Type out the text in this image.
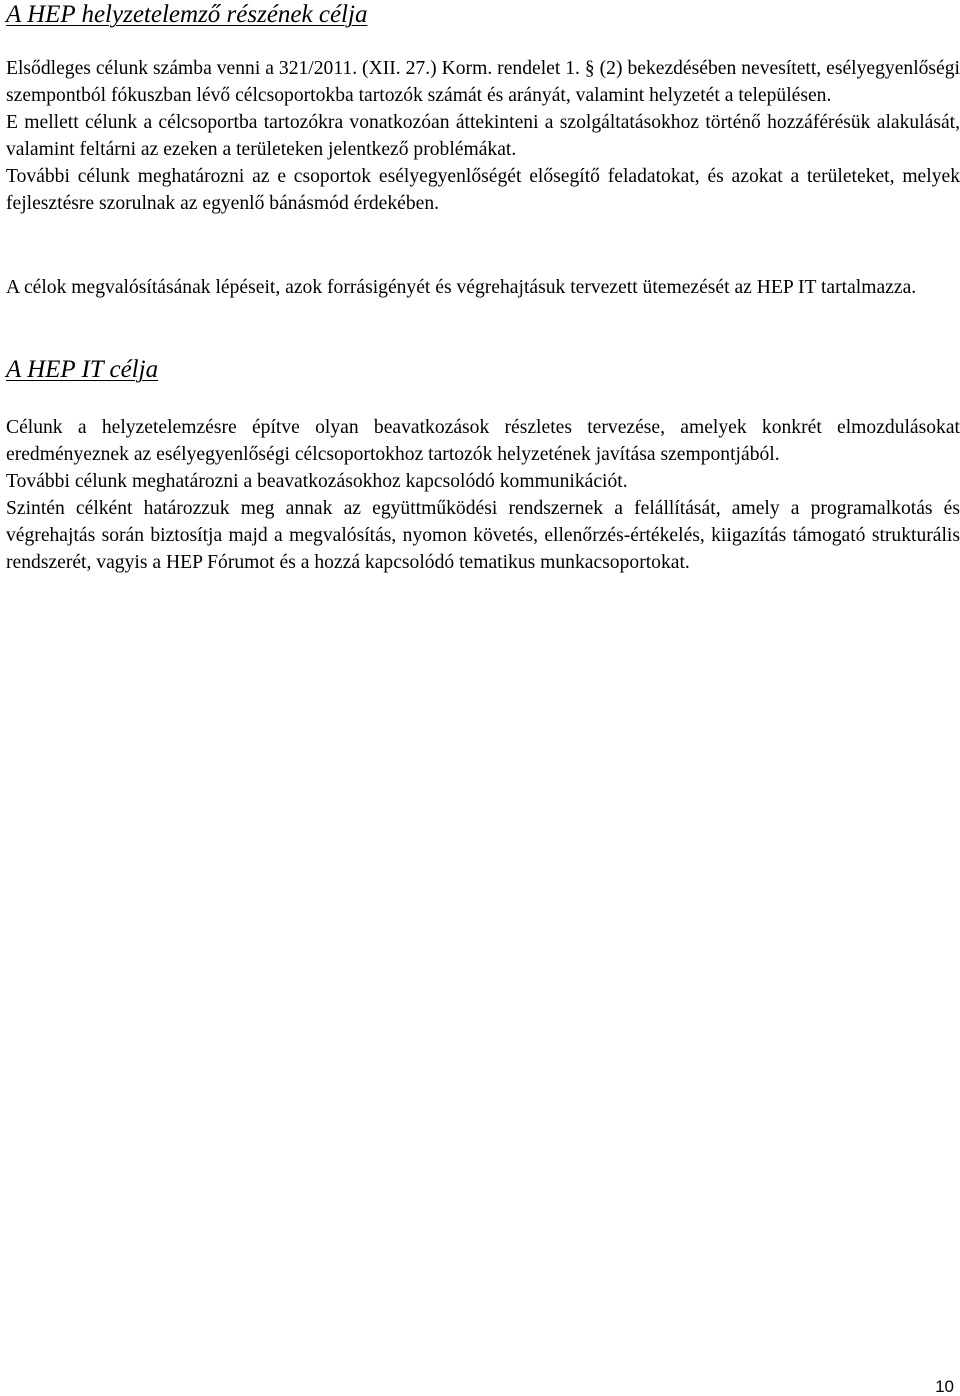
A HEP helyzetelemző részének célja

Elsődleges célunk számba venni a 321/2011. (XII. 27.) Korm. rendelet 1. § (2) bekezdésében nevesített, esélyegyenlőségi szempontból fókuszban lévő célcsoportokba tartozók számát és arányát, valamint helyzetét a településen.

E mellett célunk a célcsoportba tartozókra vonatkozóan áttekinteni a szolgáltatásokhoz történő hozzáférésük alakulását, valamint feltárni az ezeken a területeken jelentkező problémákat.

További célunk meghatározni az e csoportok esélyegyenlőségét elősegítő feladatokat, és azokat a területeket, melyek fejlesztésre szorulnak az egyenlő bánásmód érdekében.

A célok megvalósításának lépéseit, azok forrásigényét és végrehajtásuk tervezett ütemezését az HEP IT tartalmazza.

A HEP IT célja

Célunk a helyzetelemzésre építve olyan beavatkozások részletes tervezése, amelyek konkrét elmozdulásokat eredményeznek az esélyegyenlőségi célcsoportokhoz tartozók helyzetének javítása szempontjából.

További célunk meghatározni a beavatkozásokhoz kapcsolódó kommunikációt.

Szintén célként határozzuk meg annak az együttműködési rendszernek a felállítását, amely a programalkotás és végrehajtás során biztosítja majd a megvalósítás, nyomon követés, ellenőrzés-értékelés, kiigazítás támogató strukturális rendszerét, vagyis a HEP Fórumot és a hozzá kapcsolódó tematikus munkacsoportokat.

10
